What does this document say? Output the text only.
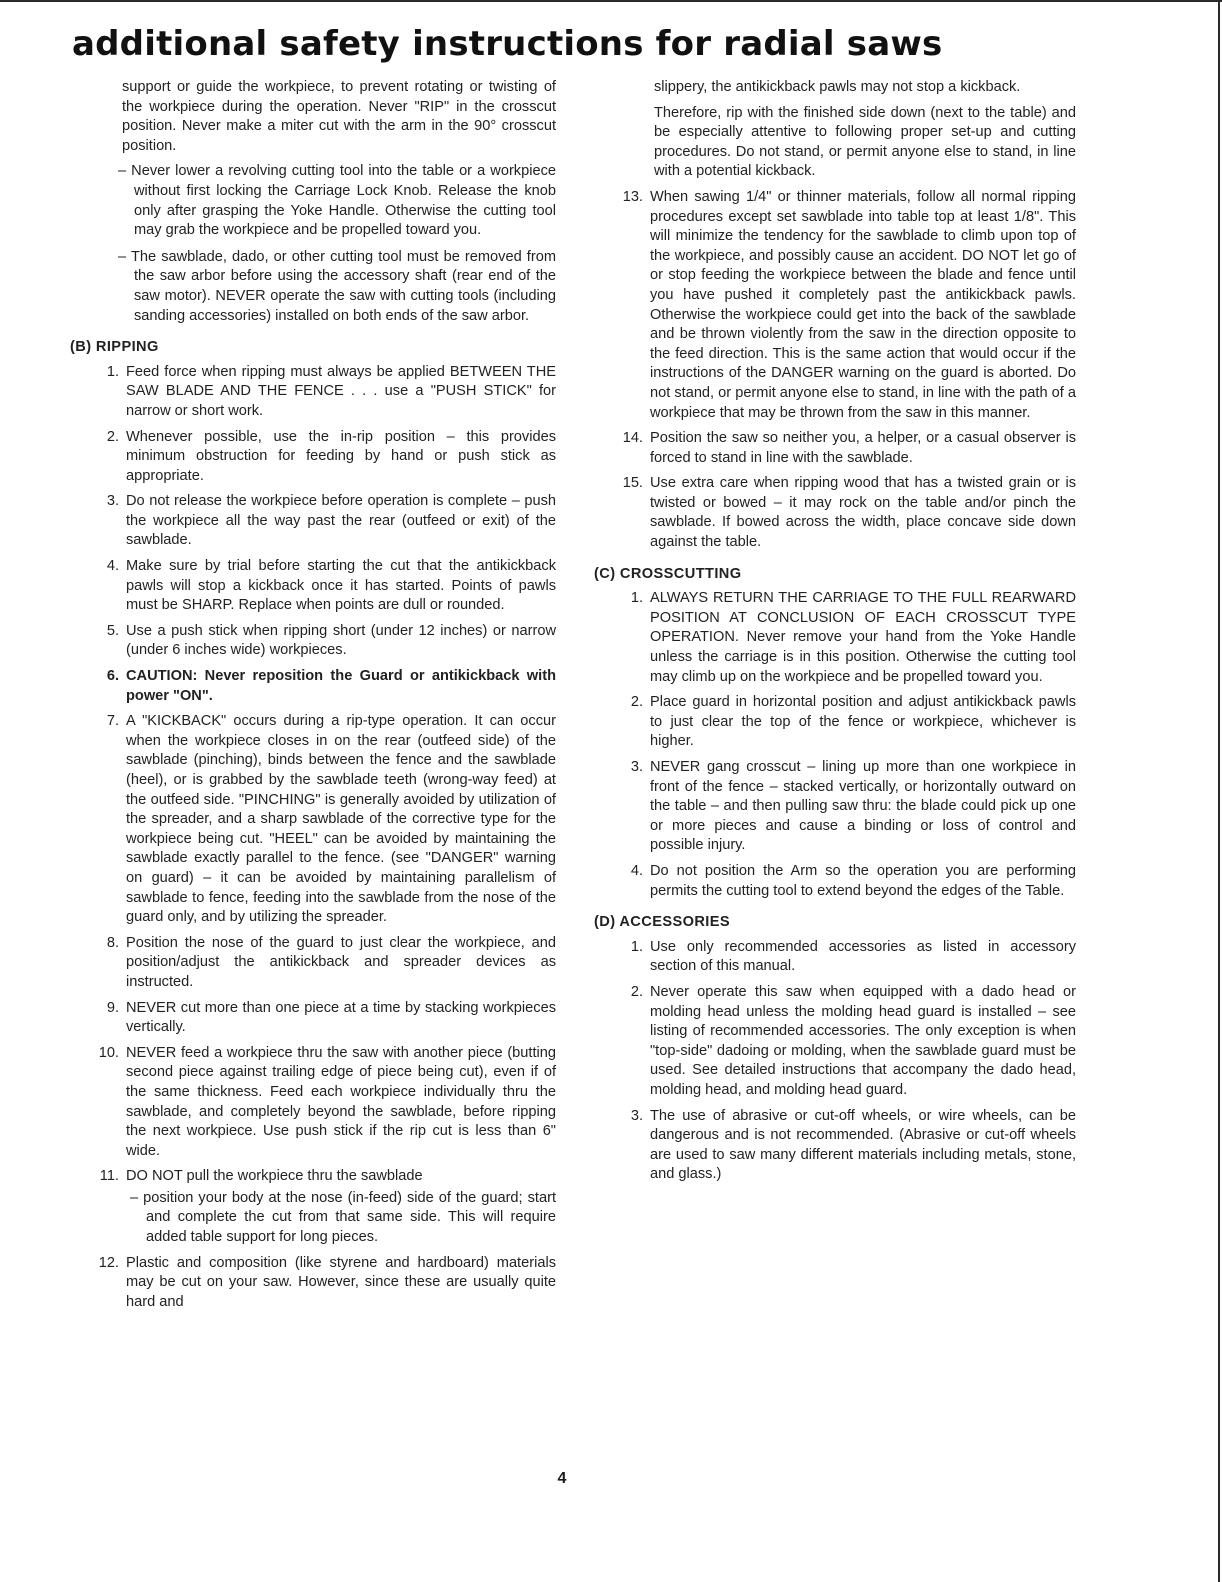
additional safety instructions for radial saws

support or guide the workpiece, to prevent rotating or twisting of the workpiece during the operation. Never "RIP" in the crosscut position. Never make a miter cut with the arm in the 90° crosscut position.

– Never lower a revolving cutting tool into the table or a workpiece without first locking the Carriage Lock Knob. Release the knob only after grasping the Yoke Handle. Otherwise the cutting tool may grab the workpiece and be propelled toward you.

– The sawblade, dado, or other cutting tool must be removed from the saw arbor before using the accessory shaft (rear end of the saw motor). NEVER operate the saw with cutting tools (including sanding accessories) installed on both ends of the saw arbor.

(B) RIPPING
1. Feed force when ripping must always be applied BETWEEN THE SAW BLADE AND THE FENCE . . . use a "PUSH STICK" for narrow or short work.
2. Whenever possible, use the in-rip position – this provides minimum obstruction for feeding by hand or push stick as appropriate.
3. Do not release the workpiece before operation is complete – push the workpiece all the way past the rear (outfeed or exit) of the sawblade.
4. Make sure by trial before starting the cut that the antikickback pawls will stop a kickback once it has started. Points of pawls must be SHARP. Replace when points are dull or rounded.
5. Use a push stick when ripping short (under 12 inches) or narrow (under 6 inches wide) workpieces.
6. CAUTION: Never reposition the Guard or antikickback with power "ON".
7. A "KICKBACK" occurs during a rip-type operation. It can occur when the workpiece closes in on the rear (outfeed side) of the sawblade (pinching), binds between the fence and the sawblade (heel), or is grabbed by the sawblade teeth (wrong-way feed) at the outfeed side. "PINCHING" is generally avoided by utilization of the spreader, and a sharp sawblade of the corrective type for the workpiece being cut. "HEEL" can be avoided by maintaining the sawblade exactly parallel to the fence. (see "DANGER" warning on guard) – it can be avoided by maintaining parallelism of sawblade to fence, feeding into the sawblade from the nose of the guard only, and by utilizing the spreader.
8. Position the nose of the guard to just clear the workpiece, and position/adjust the antikickback and spreader devices as instructed.
9. NEVER cut more than one piece at a time by stacking workpieces vertically.
10. NEVER feed a workpiece thru the saw with another piece (butting second piece against trailing edge of piece being cut), even if of the same thickness. Feed each workpiece individually thru the sawblade, and completely beyond the sawblade, before ripping the next workpiece. Use push stick if the rip cut is less than 6" wide.
11. DO NOT pull the workpiece thru the sawblade

– position your body at the nose (in-feed) side of the guard; start and complete the cut from that same side. This will require added table support for long pieces.

12. Plastic and composition (like styrene and hardboard) materials may be cut on your saw. However, since these are usually quite hard and

slippery, the antikickback pawls may not stop a kickback.

Therefore, rip with the finished side down (next to the table) and be especially attentive to following proper set-up and cutting procedures. Do not stand, or permit anyone else to stand, in line with a potential kickback.

13. When sawing 1/4" or thinner materials, follow all normal ripping procedures except set sawblade into table top at least 1/8". This will minimize the tendency for the sawblade to climb upon top of the workpiece, and possibly cause an accident. DO NOT let go of or stop feeding the workpiece between the blade and fence until you have pushed it completely past the antikickback pawls. Otherwise the workpiece could get into the back of the sawblade and be thrown violently from the saw in the direction opposite to the feed direction. This is the same action that would occur if the instructions of the DANGER warning on the guard is aborted. Do not stand, or permit anyone else to stand, in line with the path of a workpiece that may be thrown from the saw in this manner.
14. Position the saw so neither you, a helper, or a casual observer is forced to stand in line with the sawblade.
15. Use extra care when ripping wood that has a twisted grain or is twisted or bowed – it may rock on the table and/or pinch the sawblade. If bowed across the width, place concave side down against the table.
(C) CROSSCUTTING
1. ALWAYS RETURN THE CARRIAGE TO THE FULL REARWARD POSITION AT CONCLUSION OF EACH CROSSCUT TYPE OPERATION. Never remove your hand from the Yoke Handle unless the carriage is in this position. Otherwise the cutting tool may climb up on the workpiece and be propelled toward you.
2. Place guard in horizontal position and adjust antikickback pawls to just clear the top of the fence or workpiece, whichever is higher.
3. NEVER gang crosscut – lining up more than one workpiece in front of the fence – stacked vertically, or horizontally outward on the table – and then pulling saw thru: the blade could pick up one or more pieces and cause a binding or loss of control and possible injury.
4. Do not position the Arm so the operation you are performing permits the cutting tool to extend beyond the edges of the Table.
(D) ACCESSORIES
1. Use only recommended accessories as listed in accessory section of this manual.
2. Never operate this saw when equipped with a dado head or molding head unless the molding head guard is installed – see listing of recommended accessories. The only exception is when "top-side" dadoing or molding, when the sawblade guard must be used. See detailed instructions that accompany the dado head, molding head, and molding head guard.
3. The use of abrasive or cut-off wheels, or wire wheels, can be dangerous and is not recommended. (Abrasive or cut-off wheels are used to saw many different materials including metals, stone, and glass.)
4
